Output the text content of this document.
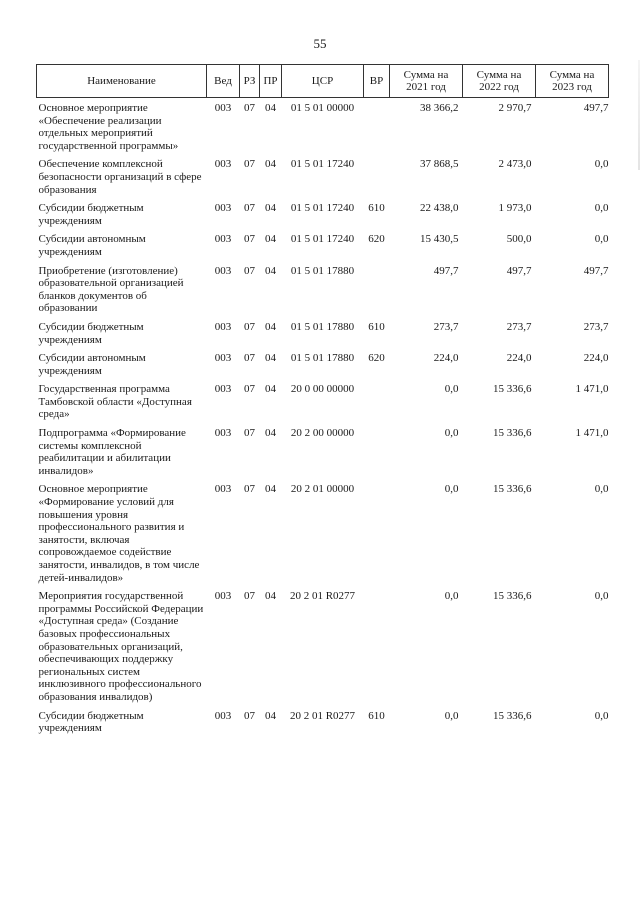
55
Наименование	Вед	РЗ	ПР	ЦСР	ВР	Сумма на 2021 год	Сумма на 2022 год	Сумма на 2023 год
Основное мероприятие «Обеспечение реализации отдельных мероприятий государственной программы»	003	07	04	01 5 01 00000		38 366,2	2 970,7	497,7
Обеспечение комплексной безопасности организаций в сфере образования	003	07	04	01 5 01 17240		37 868,5	2 473,0	0,0
Субсидии бюджетным учреждениям	003	07	04	01 5 01 17240	610	22 438,0	1 973,0	0,0
Субсидии автономным учреждениям	003	07	04	01 5 01 17240	620	15 430,5	500,0	0,0
Приобретение (изготовление) образовательной организацией бланков документов об образовании	003	07	04	01 5 01 17880		497,7	497,7	497,7
Субсидии бюджетным учреждениям	003	07	04	01 5 01 17880	610	273,7	273,7	273,7
Субсидии автономным учреждениям	003	07	04	01 5 01 17880	620	224,0	224,0	224,0
Государственная программа Тамбовской области «Доступная среда»	003	07	04	20 0 00 00000		0,0	15 336,6	1 471,0
Подпрограмма «Формирование системы комплексной реабилитации и абилитации инвалидов»	003	07	04	20 2 00 00000		0,0	15 336,6	1 471,0
Основное мероприятие «Формирование условий для повышения уровня профессионального развития и занятости, включая сопровождаемое содействие занятости, инвалидов, в том числе детей-инвалидов»	003	07	04	20 2 01 00000		0,0	15 336,6	0,0
Мероприятия государственной программы Российской Федерации «Доступная среда» (Создание базовых профессиональных образовательных организаций, обеспечивающих поддержку региональных систем инклюзивного профессионального образования инвалидов)	003	07	04	20 2 01 R0277		0,0	15 336,6	0,0
Субсидии бюджетным учреждениям	003	07	04	20 2 01 R0277	610	0,0	15 336,6	0,0
